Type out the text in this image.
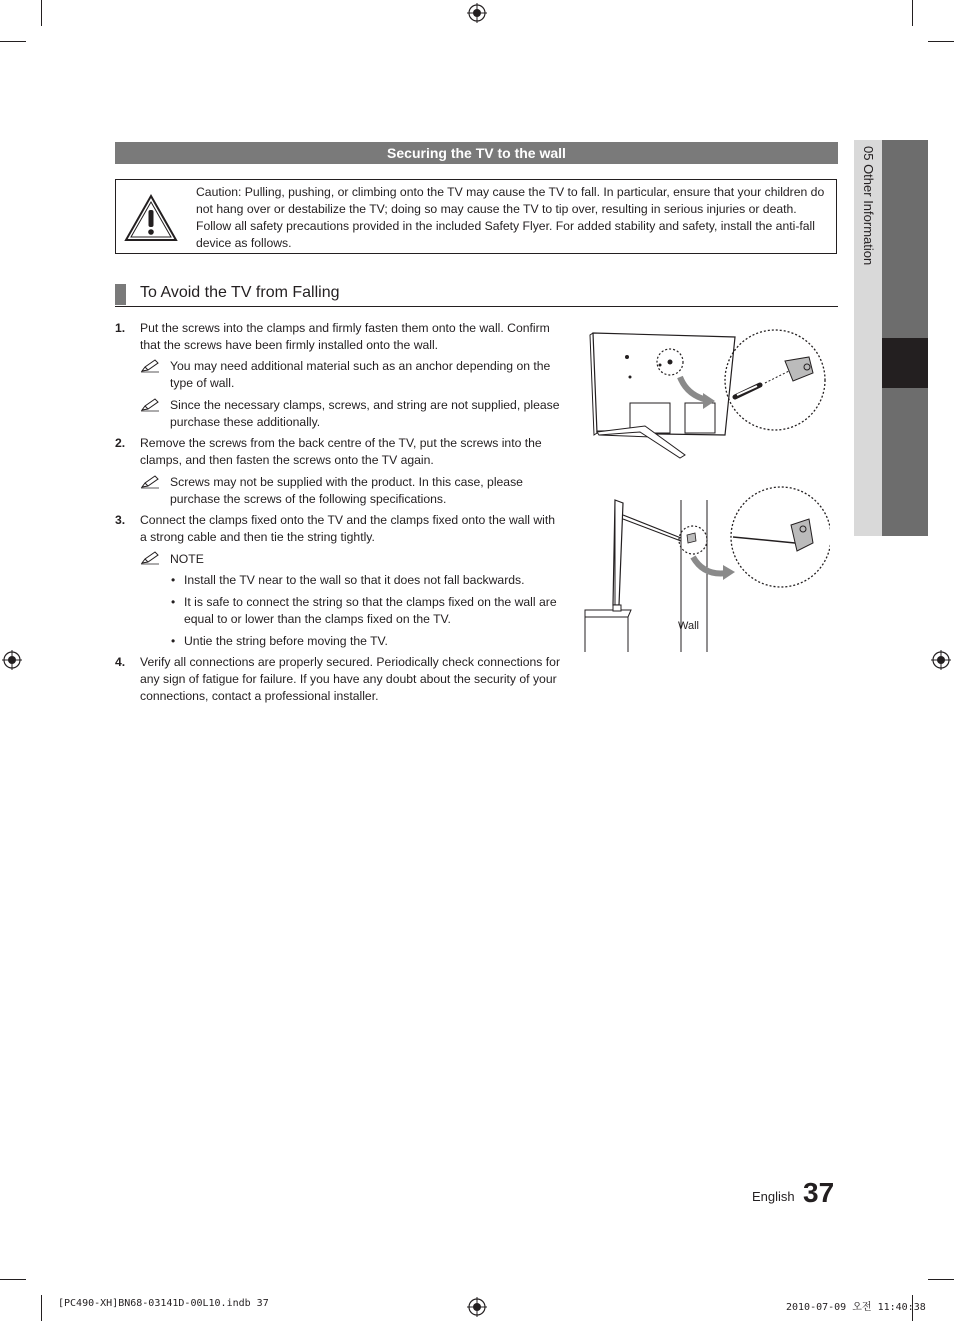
05 Other Information
Securing the TV to the wall
Caution: Pulling, pushing, or climbing onto the TV may cause the TV to fall. In particular, ensure that your children do not hang over or destabilize the TV; doing so may cause the TV to tip over, resulting in serious injuries or death. Follow all safety precautions provided in the included Safety Flyer. For added stability and safety, install the anti-fall device as follows.
To Avoid the TV from Falling
1. Put the screws into the clamps and firmly fasten them onto the wall. Confirm that the screws have been firmly installed onto the wall.
You may need additional material such as an anchor depending on the type of wall.
Since the necessary clamps, screws, and string are not supplied, please purchase these additionally.
2. Remove the screws from the back centre of the TV, put the screws into the clamps, and then fasten the screws onto the TV again.
Screws may not be supplied with the product. In this case, please purchase the screws of the following specifications.
3. Connect the clamps fixed onto the TV and the clamps fixed onto the wall with a strong cable and then tie the string tightly.
NOTE
• Install the TV near to the wall so that it does not fall backwards.
• It is safe to connect the string so that the clamps fixed on the wall are equal to or lower than the clamps fixed on the TV.
• Untie the string before moving the TV.
4. Verify all connections are properly secured. Periodically check connections for any sign of fatigue for failure. If you have any doubt about the security of your connections, contact a professional installer.
Wall
English 37
[PC490-XH]BN68-03141D-00L10.indb 37	2010-07-09 오전 11:40:38
